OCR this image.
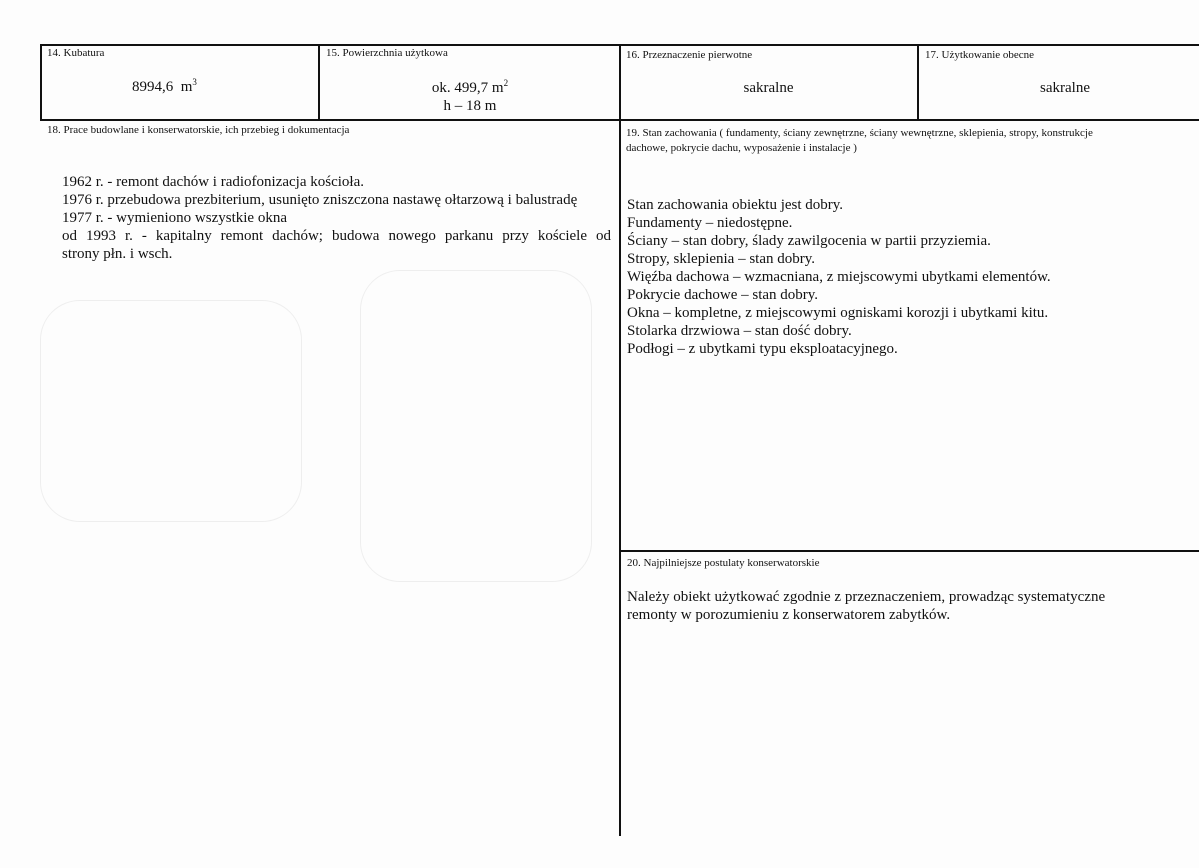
14. Kubatura
8994,6 $m^3$
15. Powierzchnia użytkowa
ok. 499,7 $m^2$
h – 18 m
16. Przeznaczenie pierwotne
sakralne
17. Użytkowanie obecne
sakralne
18. Prace budowlane i konserwatorskie, ich przebieg i dokumentacja
1962 r. - remont dachów i radiofonizacja kościoła.
1976 r. przebudowa prezbiterium, usunięto zniszczona nastawę ołtarzową i balustradę
1977 r. - wymieniono wszystkie okna
od 1993 r. - kapitalny remont dachów; budowa nowego parkanu przy kościele od
strony płn. i wsch.
19. Stan zachowania ( fundamenty, ściany zewnętrzne, ściany wewnętrzne, sklepienia, stropy, konstrukcje
dachowe, pokrycie dachu, wyposażenie i instalacje )
Stan zachowania obiektu jest dobry.
Fundamenty – niedostępne.
Ściany – stan dobry, ślady zawilgocenia w partii przyziemia.
Stropy, sklepienia – stan dobry.
Więźba dachowa – wzmacniana, z miejscowymi ubytkami elementów.
Pokrycie dachowe – stan dobry.
Okna – kompletne, z miejscowymi ogniskami korozji i ubytkami kitu.
Stolarka drzwiowa – stan dość dobry.
Podłogi – z ubytkami typu eksploatacyjnego.
20. Najpilniejsze postulaty konserwatorskie
Należy obiekt użytkować zgodnie z przeznaczeniem, prowadząc systematyczne
remonty w porozumieniu z konserwatorem zabytków.
